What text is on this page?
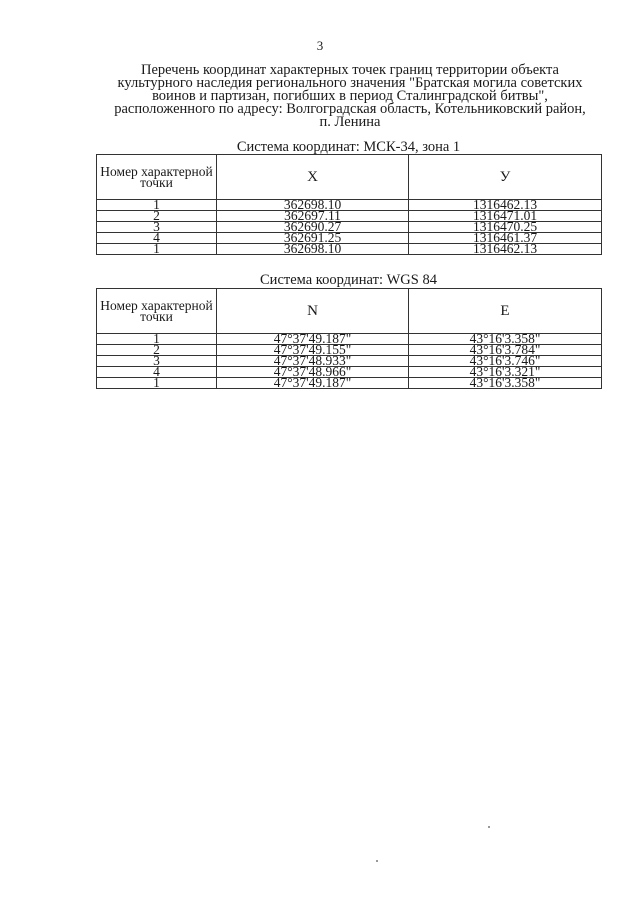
3
Перечень координат характерных точек границ территории объекта
культурного наследия регионального значения "Братская могила советских
воинов и партизан, погибших в период Сталинградской битвы",
расположенного по адресу: Волгоградская область, Котельниковский район,
п. Ленина
Система координат: МСК-34, зона 1
Номер характерной точки	X	У
1	362698.10	1316462.13
2	362697.11	1316471.01
3	362690.27	1316470.25
4	362691.25	1316461.37
1	362698.10	1316462.13
Система координат: WGS 84
Номер характерной точки	N	E
1	47°37'49.187"	43°16'3.358"
2	47°37'49.155"	43°16'3.784"
3	47°37'48.933"	43°16'3.746"
4	47°37'48.966"	43°16'3.321"
1	47°37'49.187"	43°16'3.358"
